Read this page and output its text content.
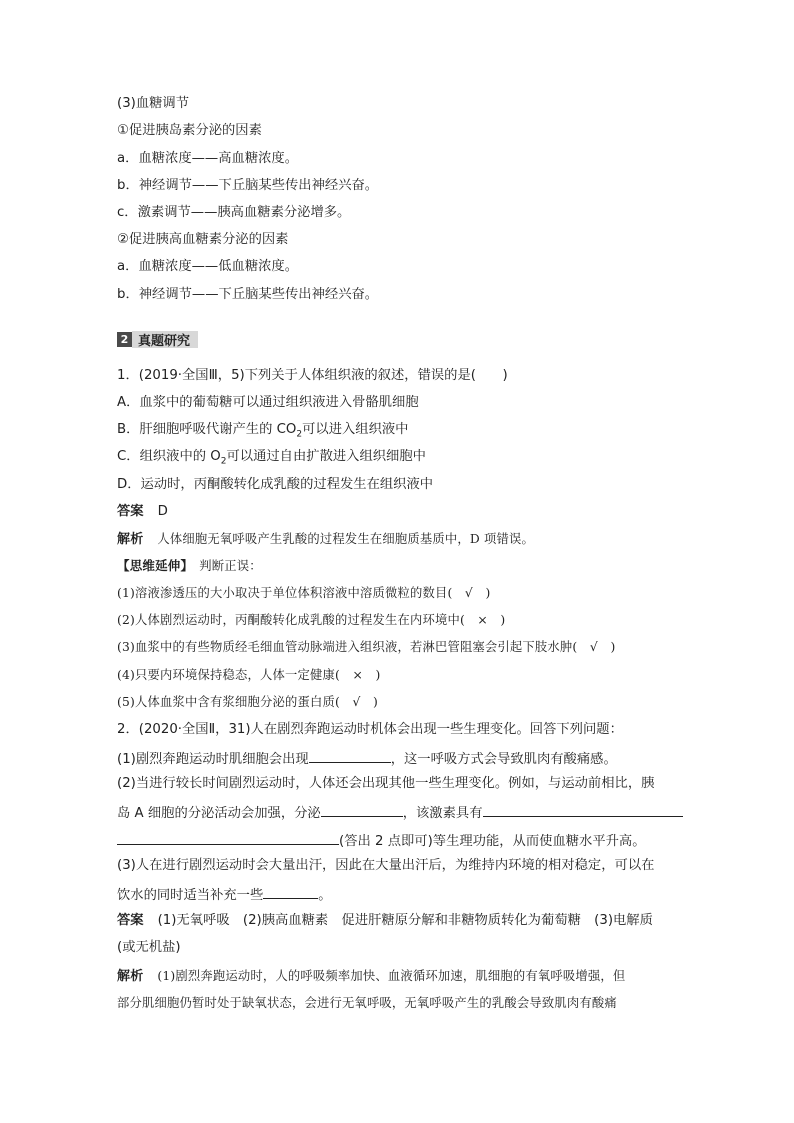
(3)血糖调节
①促进胰岛素分泌的因素
a．血糖浓度——高血糖浓度。
b．神经调节——下丘脑某些传出神经兴奋。
c．激素调节——胰高血糖素分泌增多。
②促进胰高血糖素分泌的因素
a．血糖浓度——低血糖浓度。
b．神经调节——下丘脑某些传出神经兴奋。
2 真题研究
1．(2019·全国Ⅲ，5)下列关于人体组织液的叙述，错误的是(　　)
A．血浆中的葡萄糖可以通过组织液进入骨骼肌细胞
B．肝细胞呼吸代谢产生的 $CO_2$可以进入组织液中
C．组织液中的 $O_2$可以通过自由扩散进入组织细胞中
D．运动时，丙酮酸转化成乳酸的过程发生在组织液中
答案 D
解析 人体细胞无氧呼吸产生乳酸的过程发生在细胞质基质中，D 项错误。
【思维延伸】 判断正误：
(1)溶液渗透压的大小取决于单位体积溶液中溶质微粒的数目(　√　)
(2)人体剧烈运动时，丙酮酸转化成乳酸的过程发生在内环境中(　×　)
(3)血浆中的有些物质经毛细血管动脉端进入组织液，若淋巴管阻塞会引起下肢水肿(　√　)
(4)只要内环境保持稳态，人体一定健康(　×　)
(5)人体血浆中含有浆细胞分泌的蛋白质(　√　)
2．(2020·全国Ⅱ，31)人在剧烈奔跑运动时机体会出现一些生理变化。回答下列问题：
(1)剧烈奔跑运动时肌细胞会出现	，这一呼吸方式会导致肌肉有酸痛感。
(2)当进行较长时间剧烈运动时，人体还会出现其他一些生理变化。例如，与运动前相比，胰
岛 A 细胞的分泌活动会加强，分泌	，该激素具有
(答出 2 点即可)等生理功能，从而使血糖水平升高。
(3)人在进行剧烈运动时会大量出汗，因此在大量出汗后，为维持内环境的相对稳定，可以在
饮水的同时适当补充一些	。
答案 (1)无氧呼吸　(2)胰高血糖素　促进肝糖原分解和非糖物质转化为葡萄糖　(3)电解质
(或无机盐)
解析 (1)剧烈奔跑运动时，人的呼吸频率加快、血液循环加速，肌细胞的有氧呼吸增强，但
部分肌细胞仍暂时处于缺氧状态，会进行无氧呼吸，无氧呼吸产生的乳酸会导致肌肉有酸痛
